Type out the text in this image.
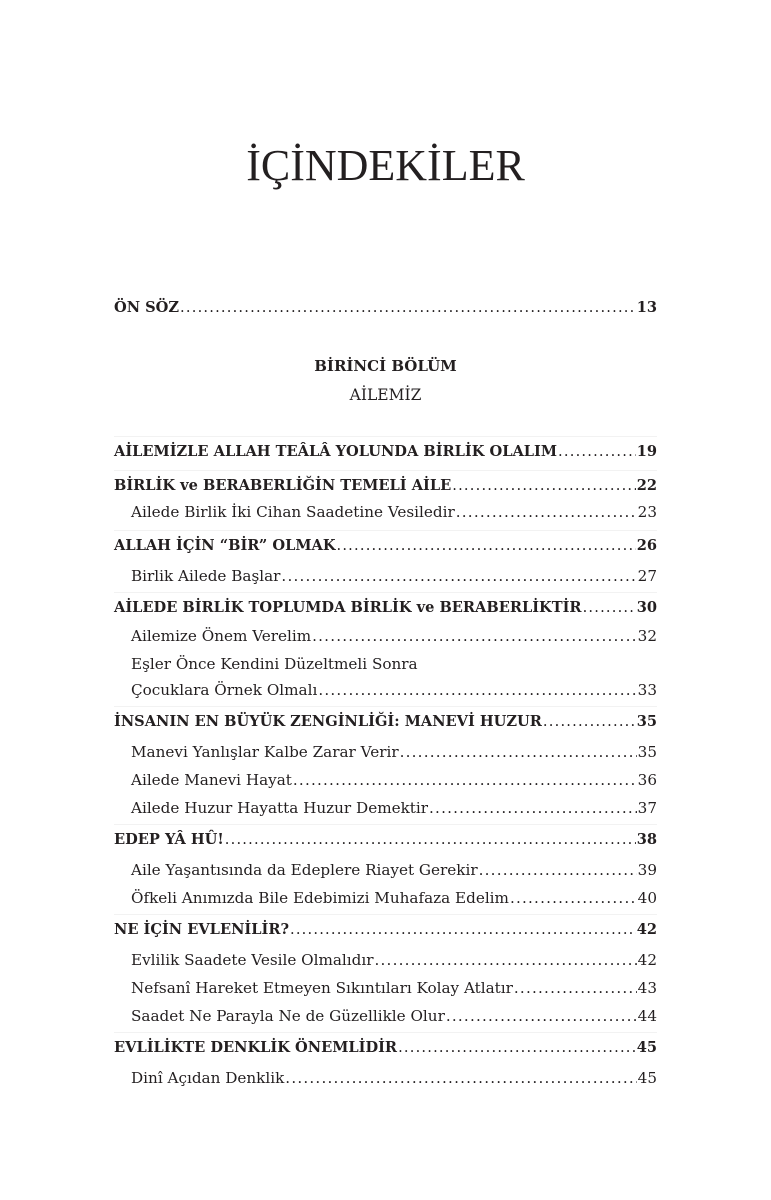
İÇİNDEKİLER
ÖN SÖZ .....	13
BİRİNCİ BÖLÜM
AİLEMİZ
AİLEMİZLE ALLAH TEÂLÂ YOLUNDA BİRLİK OLALIM .....	19
BİRLİK ve BERABERLİĞİN TEMELİ AİLE .....	22
Ailede Birlik İki Cihan Saadetine Vesiledir .....	23
ALLAH İÇİN “BİR” OLMAK .....	26
Birlik Ailede Başlar .....	27
AİLEDE BİRLİK TOPLUMDA BİRLİK ve BERABERLİKTİR .....	30
Ailemize Önem Verelim .....	32
Eşler Önce Kendini Düzeltmeli Sonra
Çocuklara Örnek Olmalı .....	33
İNSANIN EN BÜYÜK ZENGİNLİĞİ: MANEVİ HUZUR .....	35
Manevi Yanlışlar Kalbe Zarar Verir .....	35
Ailede Manevi Hayat .....	36
Ailede Huzur Hayatta Huzur Demektir .....	37
EDEP YÂ HÛ! .....	38
Aile Yaşantısında da Edeplere Riayet Gerekir .....	39
Öfkeli Anımızda Bile Edebimizi Muhafaza Edelim .....	40
NE İÇİN EVLENİLİR? .....	42
Evlilik Saadete Vesile Olmalıdır .....	42
Nefsanî Hareket Etmeyen Sıkıntıları Kolay Atlatır .....	43
Saadet Ne Parayla Ne de Güzellikle Olur .....	44
EVLİLİKTE DENKLİK ÖNEMLİDİR .....	45
Dinî Açıdan Denklik .....	45
